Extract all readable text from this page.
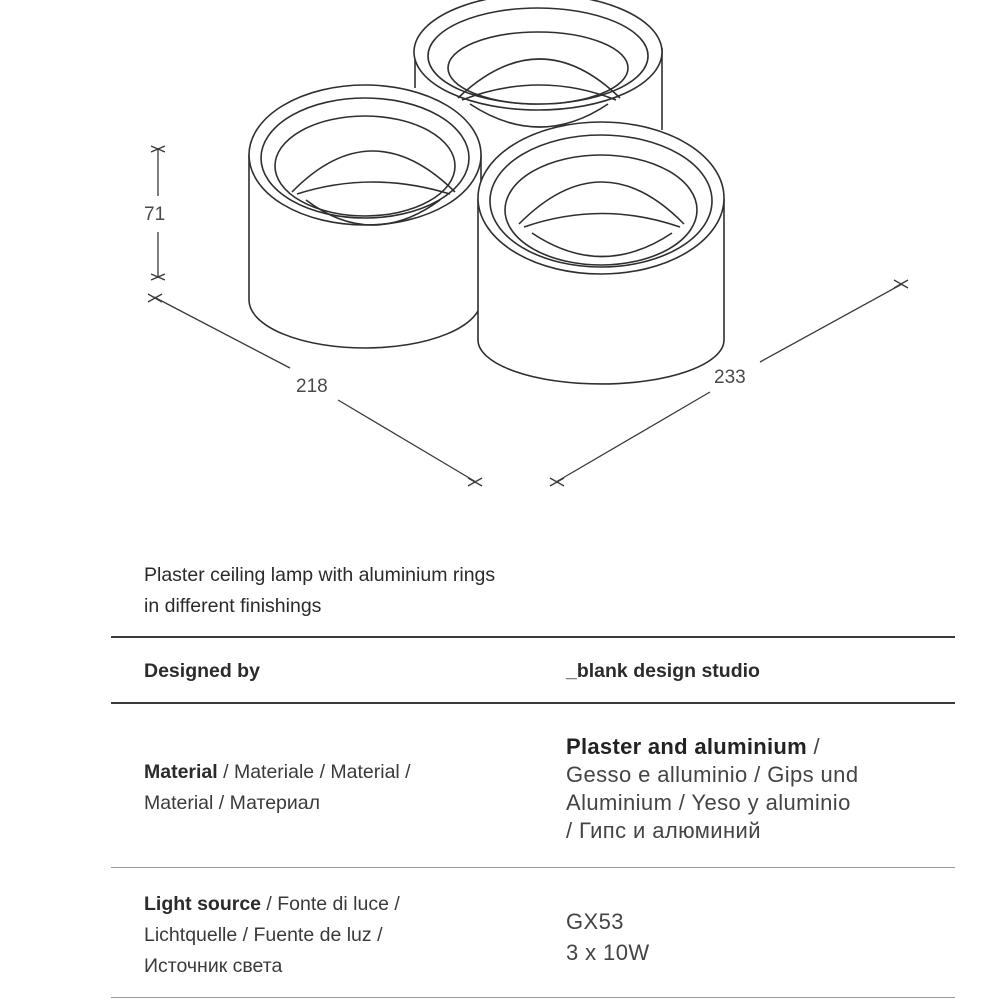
71
218	233
Plaster ceiling lamp with aluminium rings
in different finishings
Designed by	_blank design studio
Material / Materiale / Material /
Material / Материал
Plaster and aluminium /
Gesso e alluminio / Gips und
Aluminium / Yeso y aluminio
/ Гипс и алюминий
Light source / Fonte di luce /
Lichtquelle / Fuente de luz /
Источник света
GX53
3 x 10W
